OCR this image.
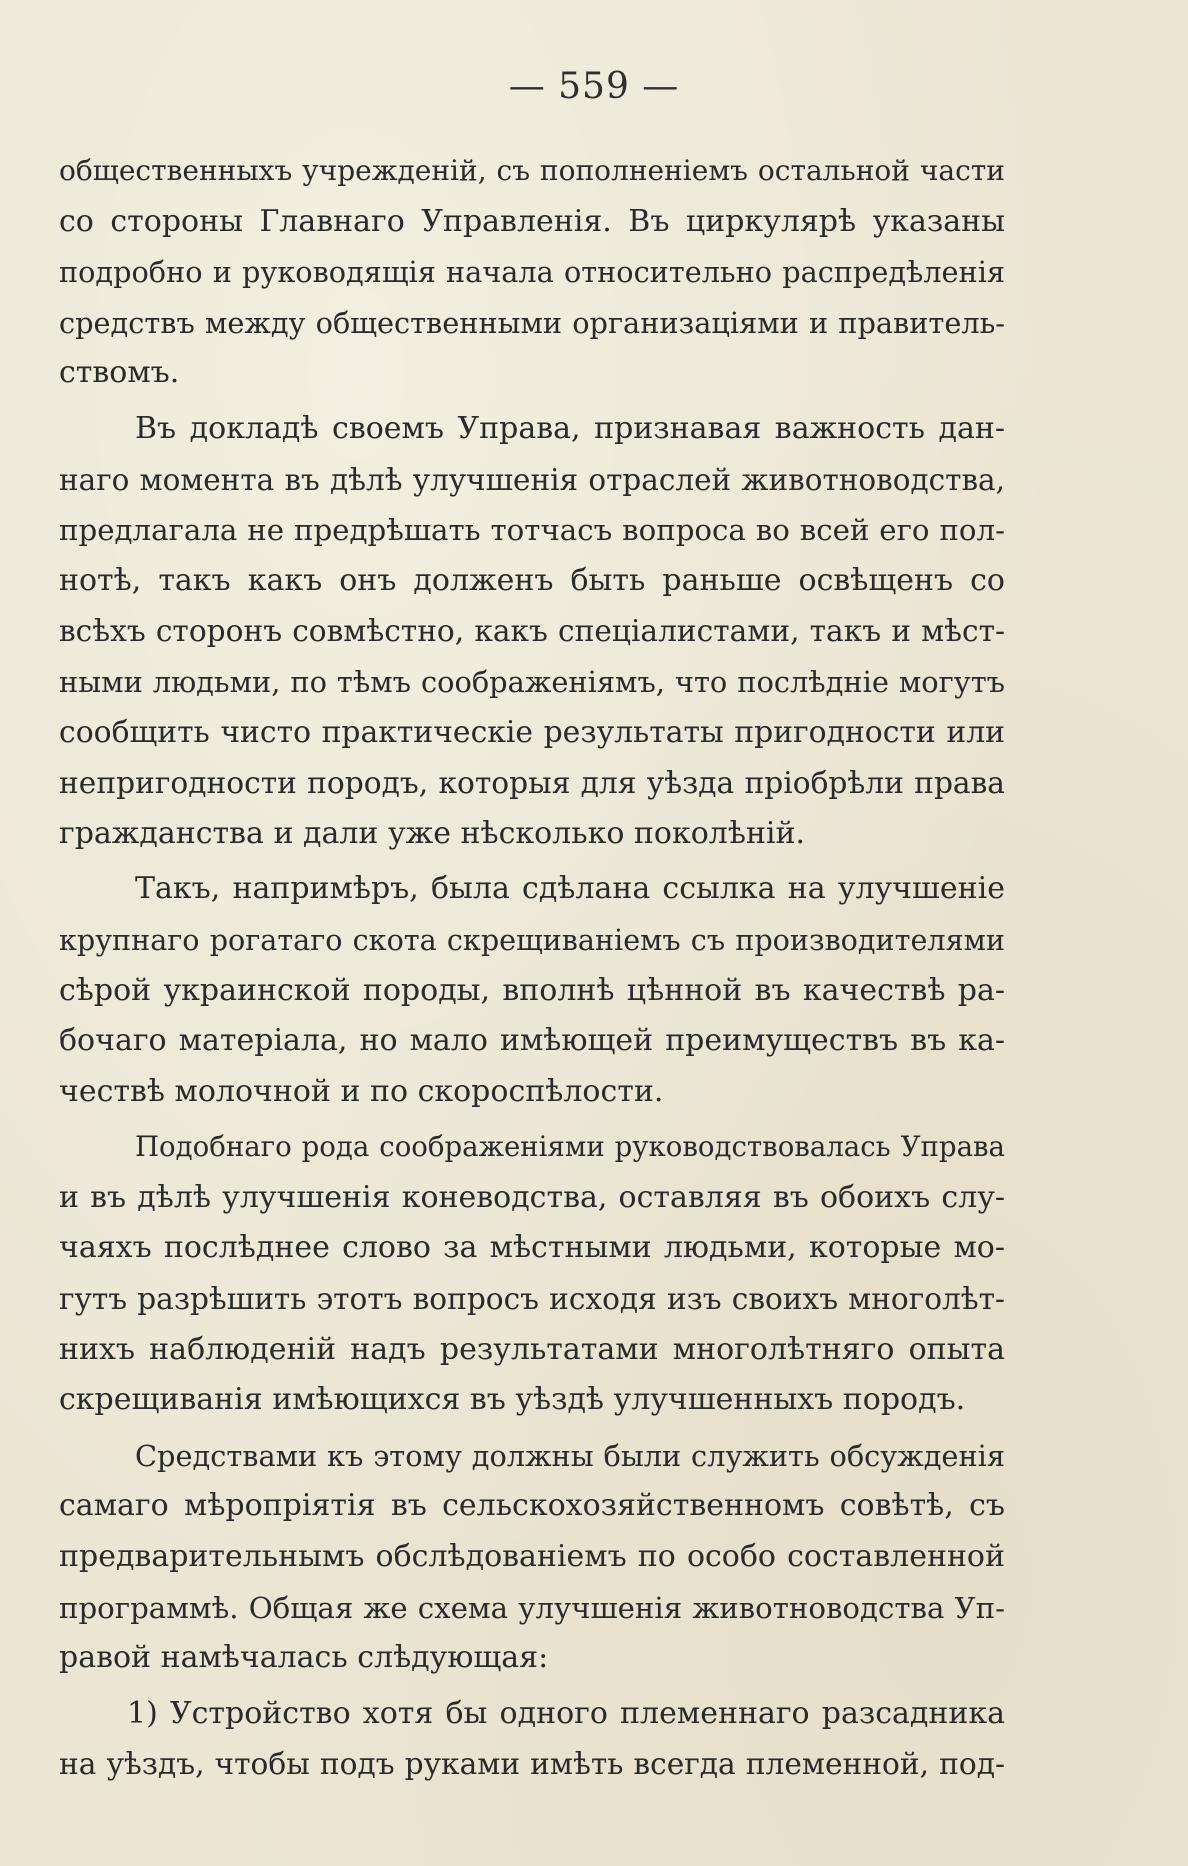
— 559 —
общественныхъ учрежденій, съ пополненіемъ остальной части
со стороны Главнаго Управленія. Въ циркулярѣ указаны
подробно и руководящія начала относительно распредѣленія
средствъ между общественными организаціями и правитель-
ствомъ.
Въ докладѣ своемъ Управа, признавая важность дан-
наго момента въ дѣлѣ улучшенія отраслей животноводства,
предлагала не предрѣшать тотчасъ вопроса во всей его пол-
нотѣ, такъ какъ онъ долженъ быть раньше освѣщенъ со
всѣхъ сторонъ совмѣстно, какъ спеціалистами, такъ и мѣст-
ными людьми, по тѣмъ соображеніямъ, что послѣдніе могутъ
сообщить чисто практическіе результаты пригодности или
непригодности породъ, которыя для уѣзда пріобрѣли права
гражданства и дали уже нѣсколько поколѣній.
Такъ, напримѣръ, была сдѣлана ссылка на улучшеніе
крупнаго рогатаго скота скрещиваніемъ съ производителями
сѣрой украинской породы, вполнѣ цѣнной въ качествѣ ра-
бочаго матеріала, но мало имѣющей преимуществъ въ ка-
чествѣ молочной и по скороспѣлости.
Подобнаго рода соображеніями руководствовалась Управа
и въ дѣлѣ улучшенія коневодства, оставляя въ обоихъ слу-
чаяхъ послѣднее слово за мѣстными людьми, которые мо-
гутъ разрѣшить этотъ вопросъ исходя изъ своихъ многолѣт-
нихъ наблюденій надъ результатами многолѣтняго опыта
скрещиванія имѣющихся въ уѣздѣ улучшенныхъ породъ.
Средствами къ этому должны были служить обсужденія
самаго мѣропріятія въ сельскохозяйственномъ совѣтѣ, съ
предварительнымъ обслѣдованіемъ по особо составленной
программѣ. Общая же схема улучшенія животноводства Уп-
равой намѣчалась слѣдующая:
1) Устройство хотя бы одного племеннаго разсадника
на уѣздъ, чтобы подъ руками имѣть всегда племенной, под-
